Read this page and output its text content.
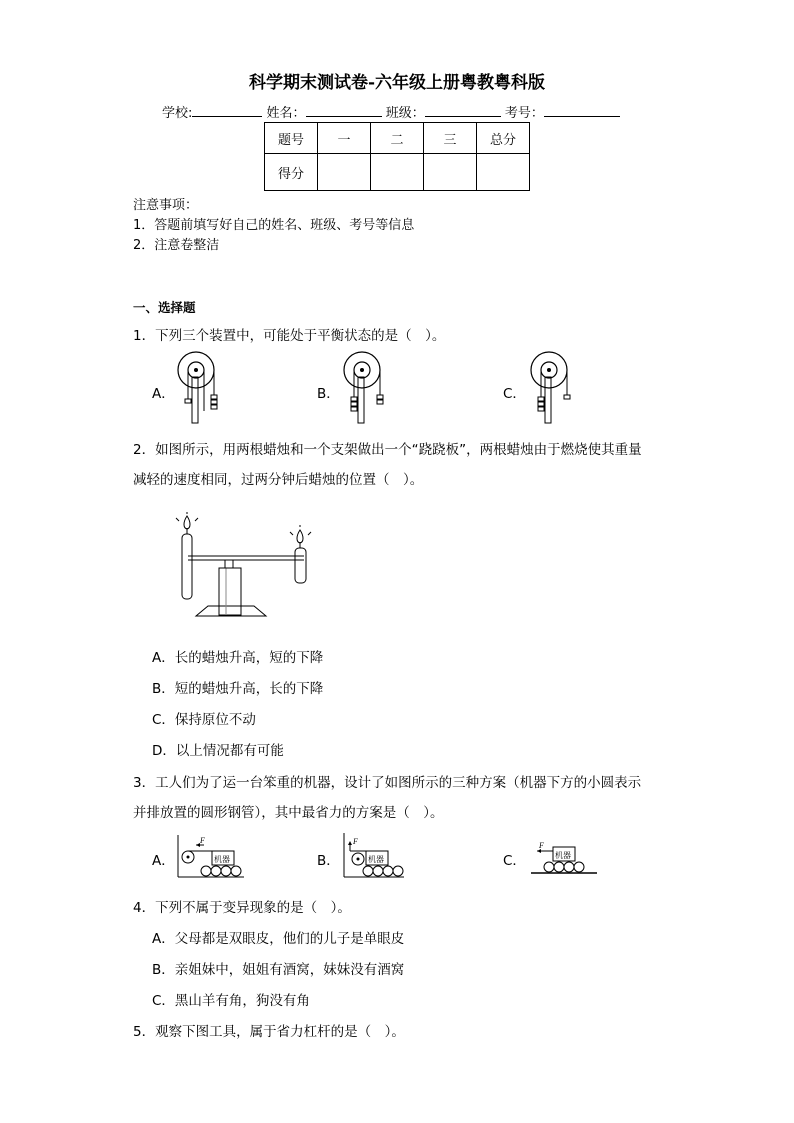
科学期末测试卷-六年级上册粤教粤科版
学校:	姓名：	班级：	考号：
题号	一	二	三	总分
得分				
注意事项：
1．答题前填写好自己的姓名、班级、考号等信息
2．注意卷整洁
一、选择题
1．下列三个装置中，可能处于平衡状态的是（　）。
A．	B．	C．
2．如图所示，用两根蜡烛和一个支架做出一个“跷跷板”，两根蜡烛由于燃烧使其重量
减轻的速度相同，过两分钟后蜡烛的位置（　）。
A．长的蜡烛升高，短的下降
B．短的蜡烛升高，长的下降
C．保持原位不动
D．以上情况都有可能
3．工人们为了运一台笨重的机器，设计了如图所示的三种方案（机器下方的小圆表示
并排放置的圆形钢管），其中最省力的方案是（　）。
A．
F
机器	B．
F
机器	C．
F
机器
4．下列不属于变异现象的是（　）。
A．父母都是双眼皮，他们的儿子是单眼皮
B．亲姐妹中，姐姐有酒窝，妹妹没有酒窝
C．黑山羊有角，狗没有角
5．观察下图工具，属于省力杠杆的是（　）。
